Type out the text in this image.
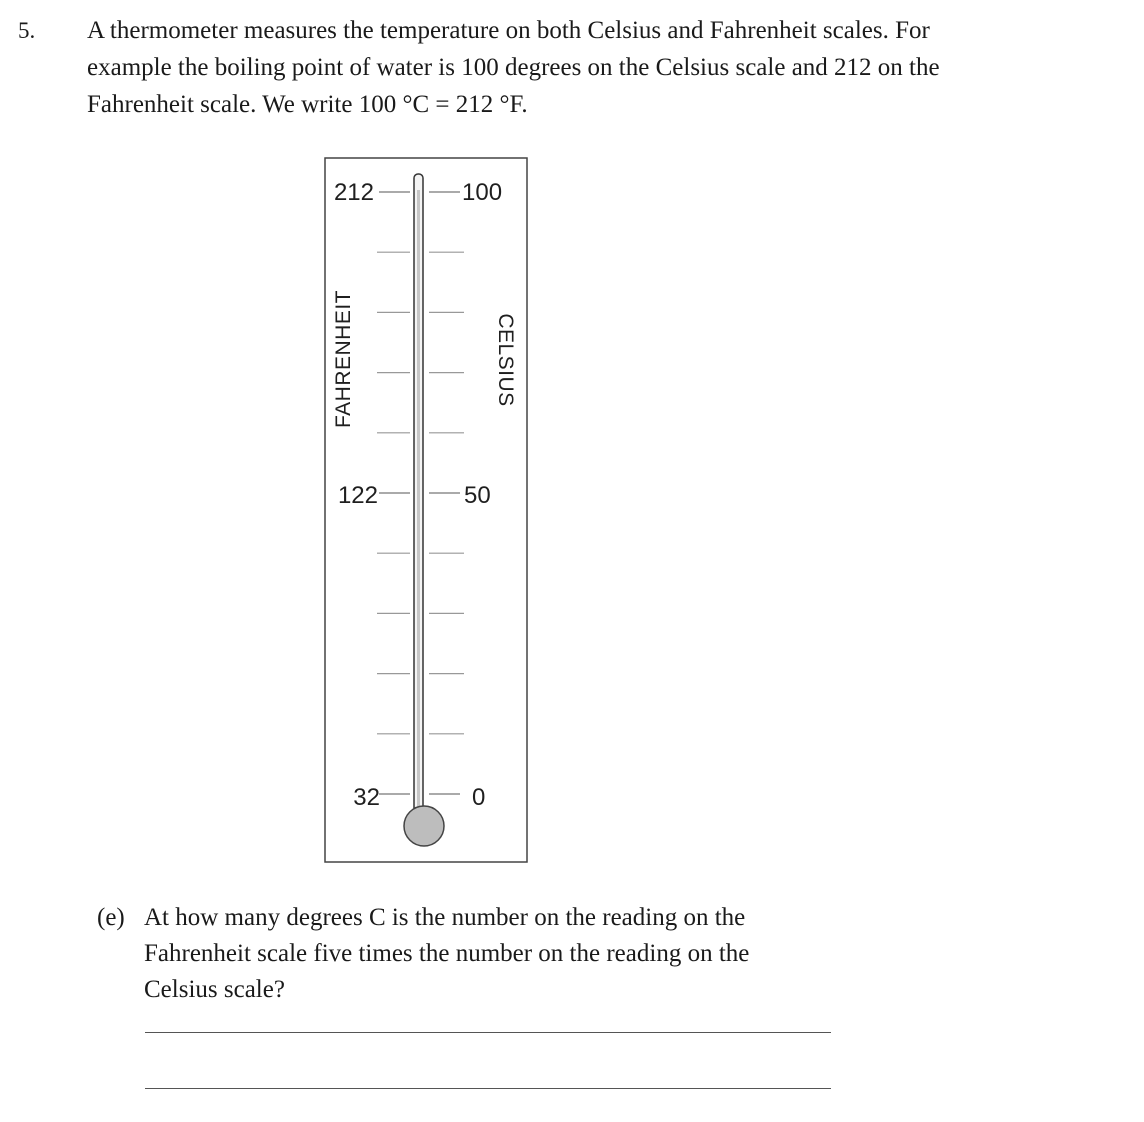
5. A thermometer measures the temperature on both Celsius and Fahrenheit scales. For

example the boiling point of water is 100 degrees on the Celsius scale and 212 on the

Fahrenheit scale. We write 100 °C = 212 °F.

212	100
122	50
32	0
FAHRENHEIT	CELSIUS
(e) At how many degrees C is the number on the reading on the

Fahrenheit scale five times the number on the reading on the

Celsius scale?
